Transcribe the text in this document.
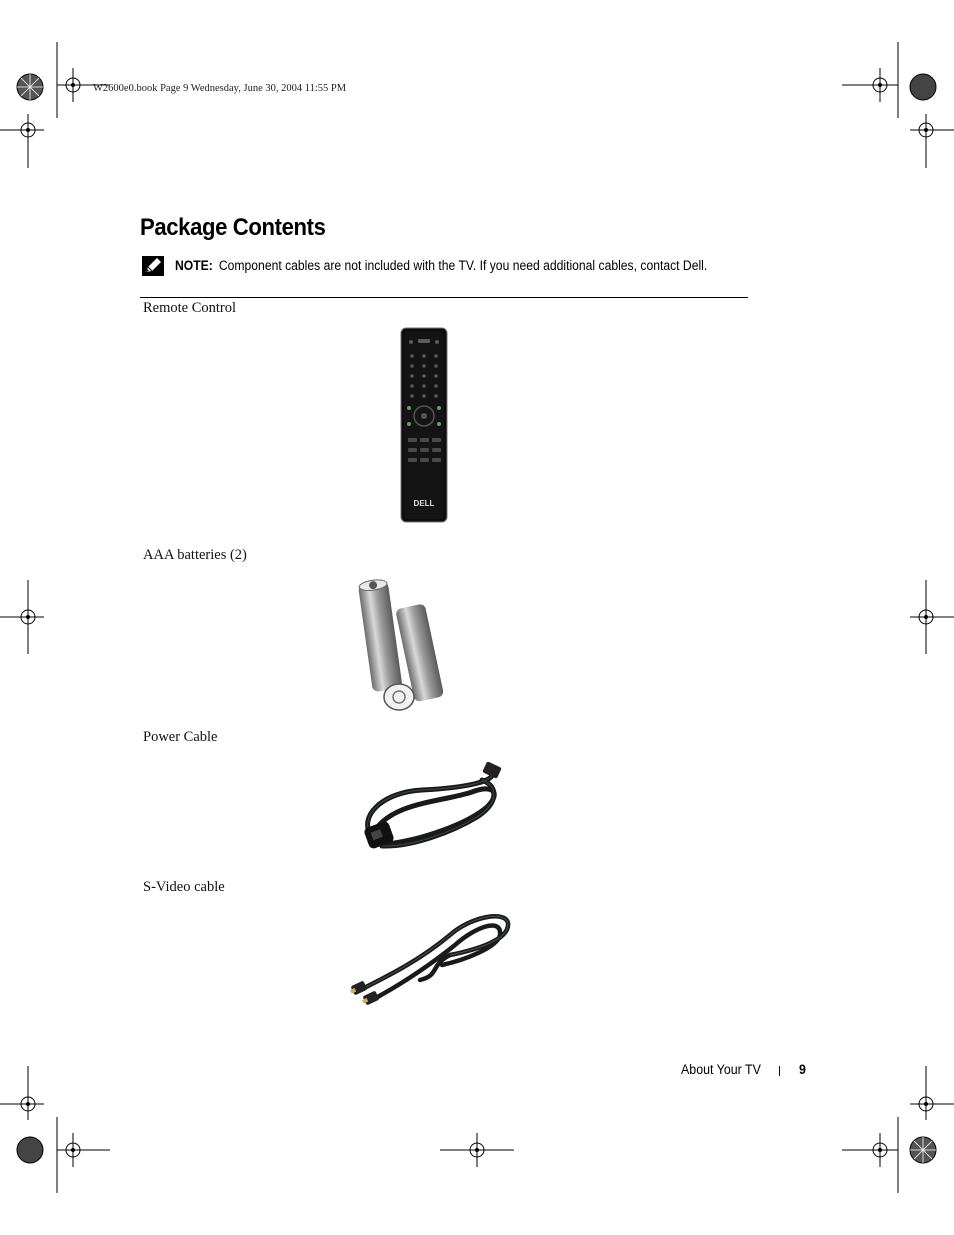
W2600e0.book Page 9 Wednesday, June 30, 2004 11:55 PM
Package Contents
NOTE: Component cables are not included with the TV. If you need additional cables, contact Dell.
Remote Control
DELL
AAA batteries (2)
Power Cable
S-Video cable
About Your TV	9
